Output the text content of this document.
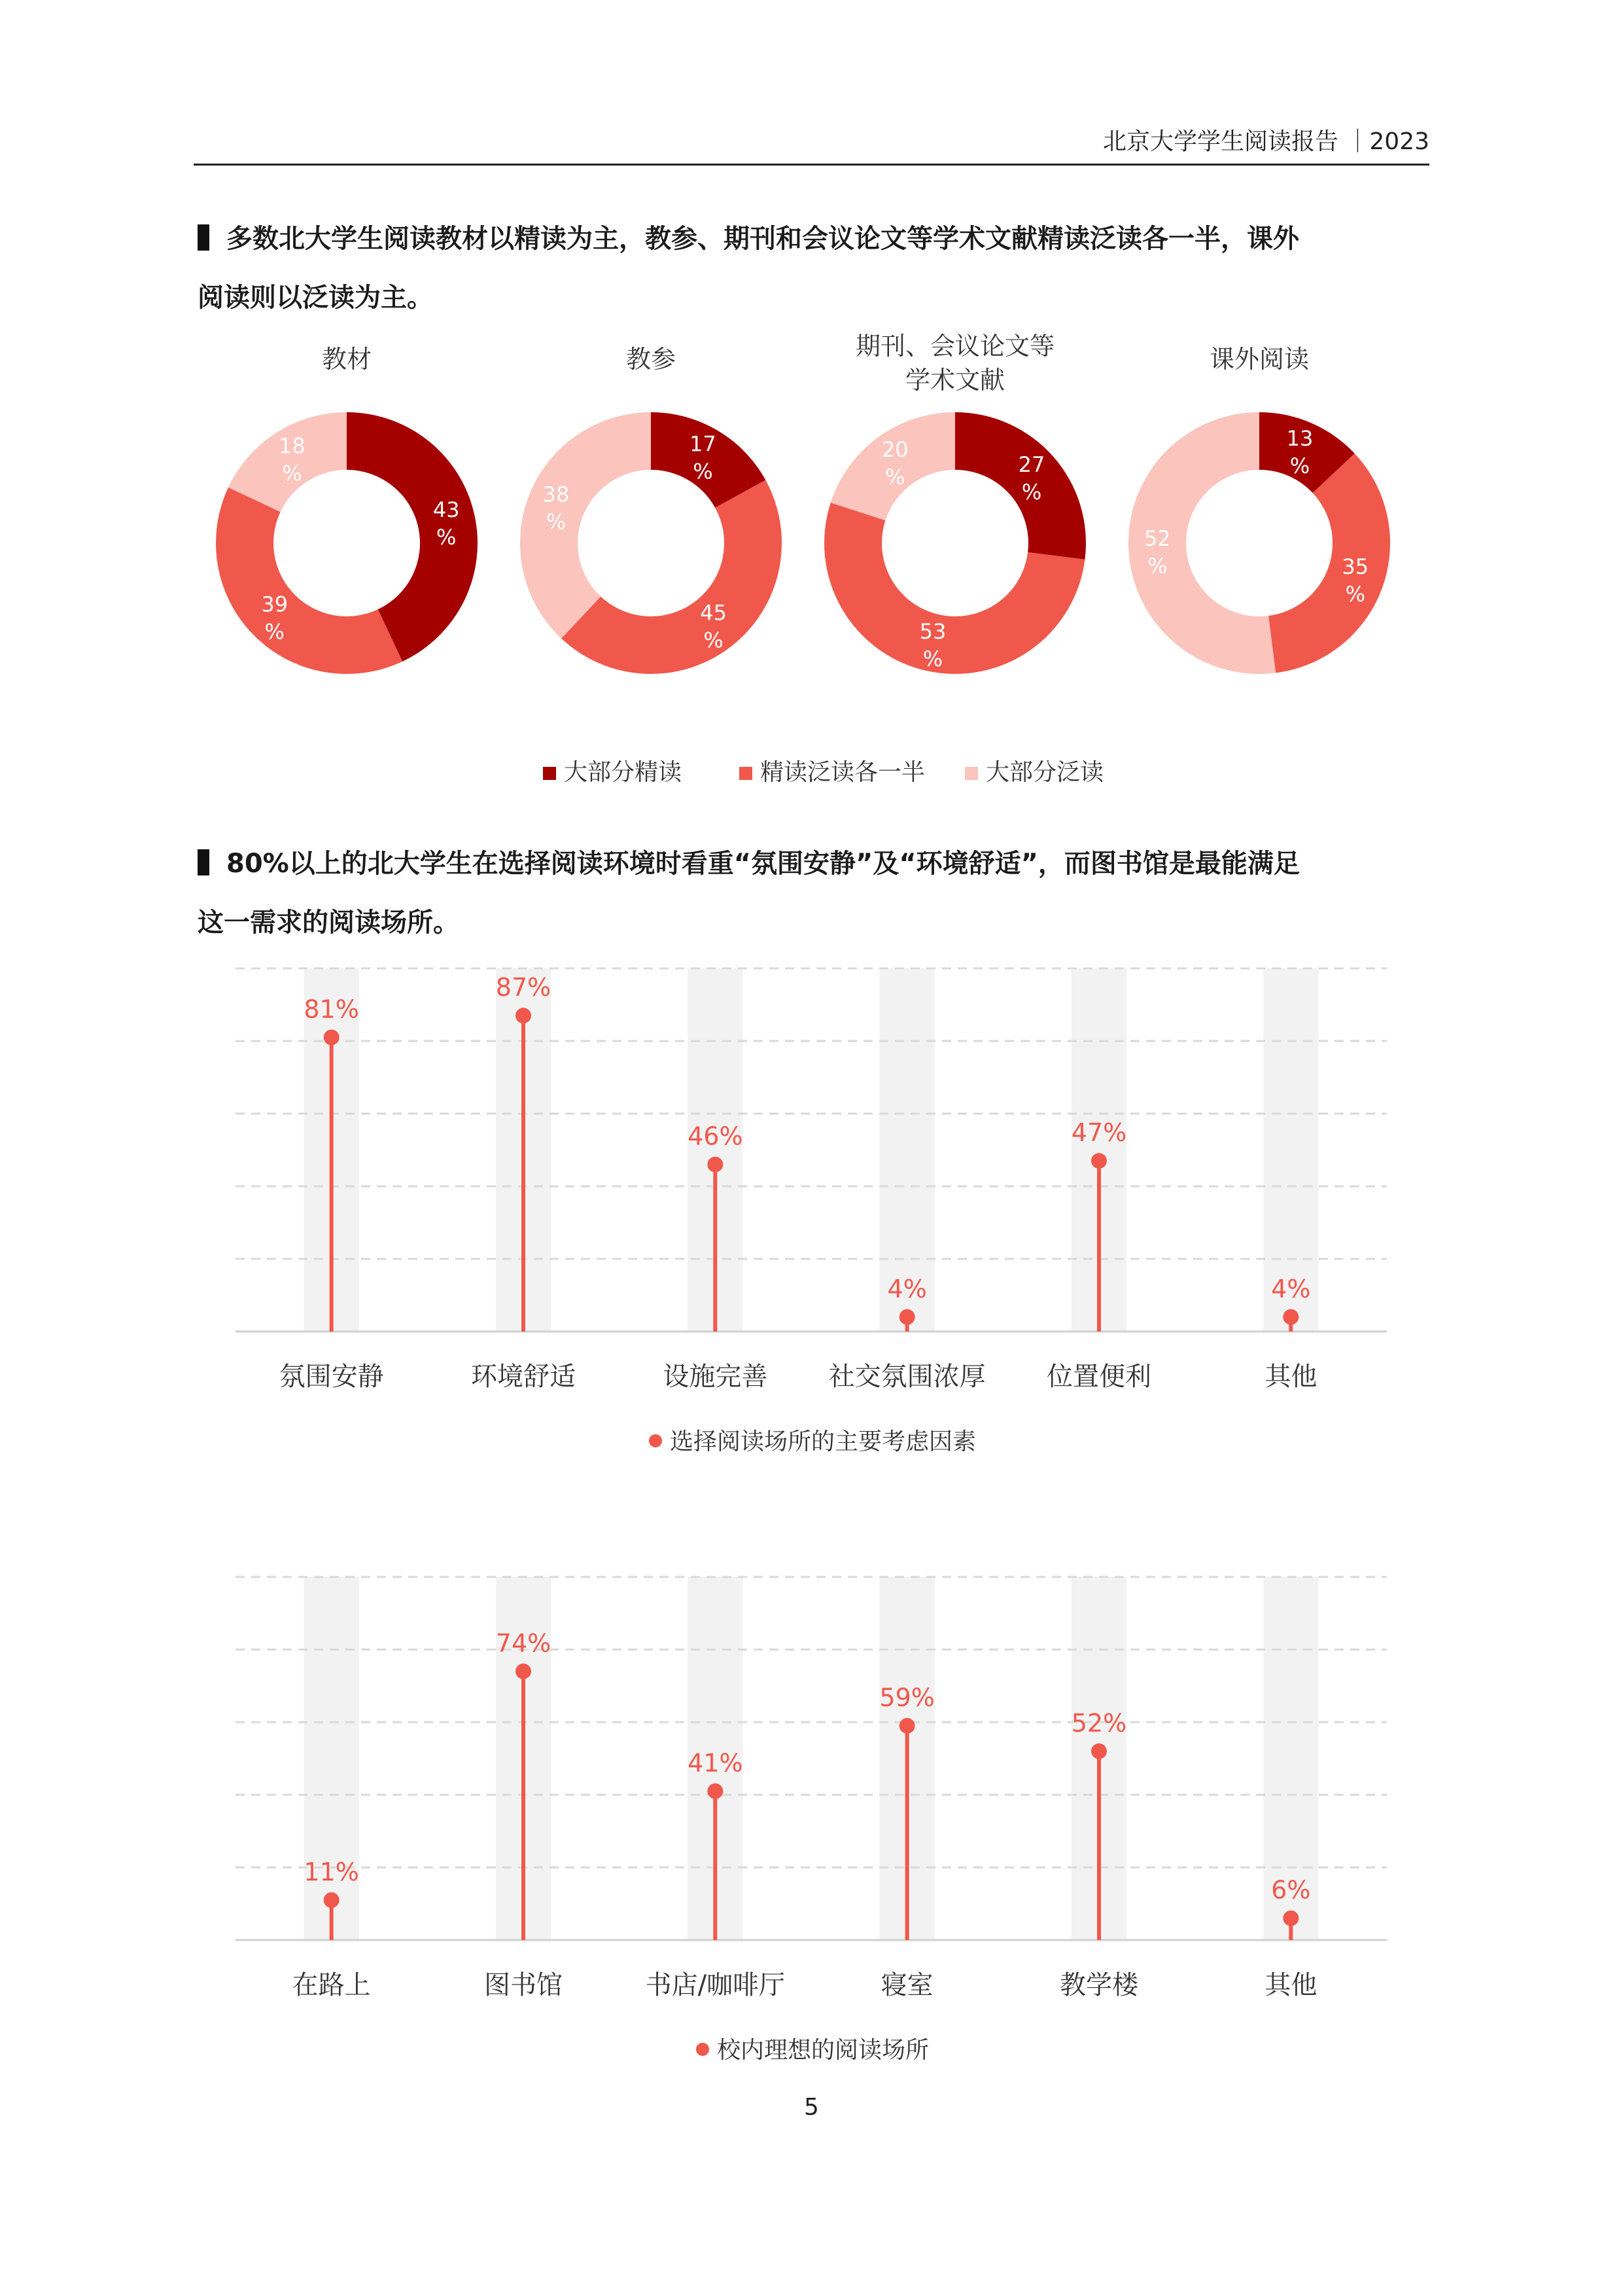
北京大学学生阅读报告 ｜2023
多数北大学生阅读教材以精读为主，教参、期刊和会议论文等学术文献精读泛读各一半，课外
阅读则以泛读为主。
教材
43 %
39 %
18 %
教参
17 %
45 %
38 %
期刊、会议论文等
学术文献
27 %
53 %
20 %
课外阅读
13 %
35 %
52 %
大部分精读	精读泛读各一半	大部分泛读
80%以上的北大学生在选择阅读环境时看重“氛围安静”及“环境舒适”，而图书馆是最能满足
这一需求的阅读场所。
81%
氛围安静
87%
环境舒适
46%
设施完善
4%
社交氛围浓厚
47%
位置便利
4%
其他
选择阅读场所的主要考虑因素
11%
在路上
74%
图书馆
41%
书店/咖啡厅
59%
寝室
52%
教学楼
6%
其他
校内理想的阅读场所
5
